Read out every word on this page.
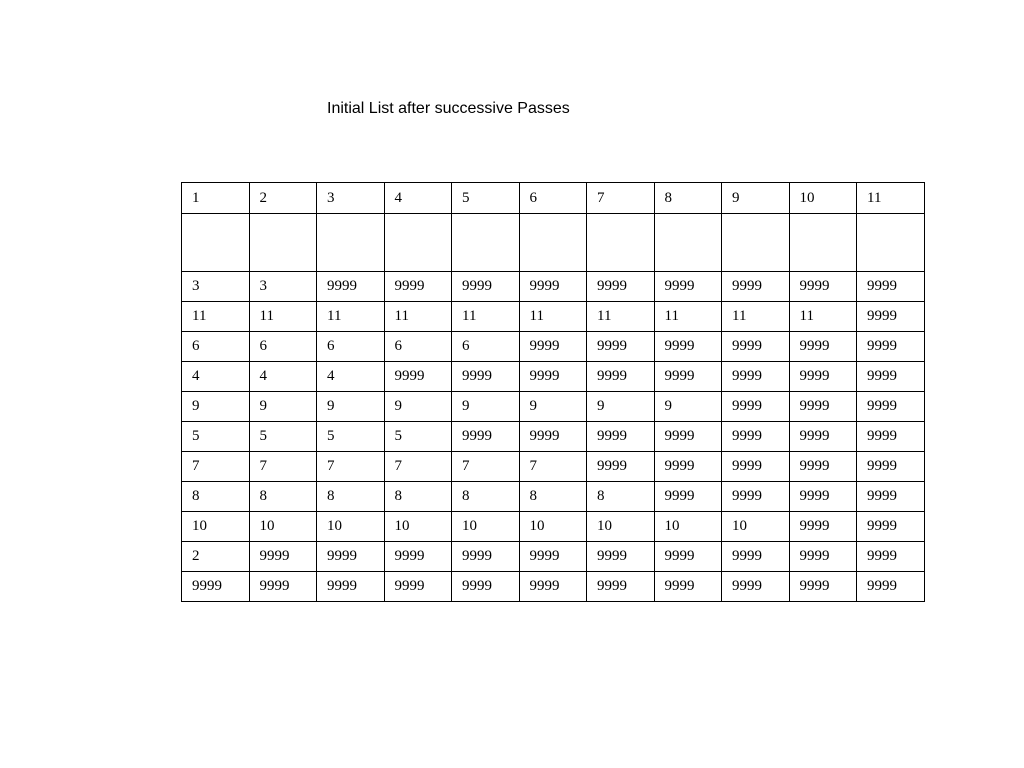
Initial List after successive Passes
1	2	3	4	5	6	7	8	9	10	11

3	3	9999	9999	9999	9999	9999	9999	9999	9999	9999
11	11	11	11	11	11	11	11	11	11	9999
6	6	6	6	6	9999	9999	9999	9999	9999	9999
4	4	4	9999	9999	9999	9999	9999	9999	9999	9999
9	9	9	9	9	9	9	9	9999	9999	9999
5	5	5	5	9999	9999	9999	9999	9999	9999	9999
7	7	7	7	7	7	9999	9999	9999	9999	9999
8	8	8	8	8	8	8	9999	9999	9999	9999
10	10	10	10	10	10	10	10	10	9999	9999
2	9999	9999	9999	9999	9999	9999	9999	9999	9999	9999
9999	9999	9999	9999	9999	9999	9999	9999	9999	9999	9999
